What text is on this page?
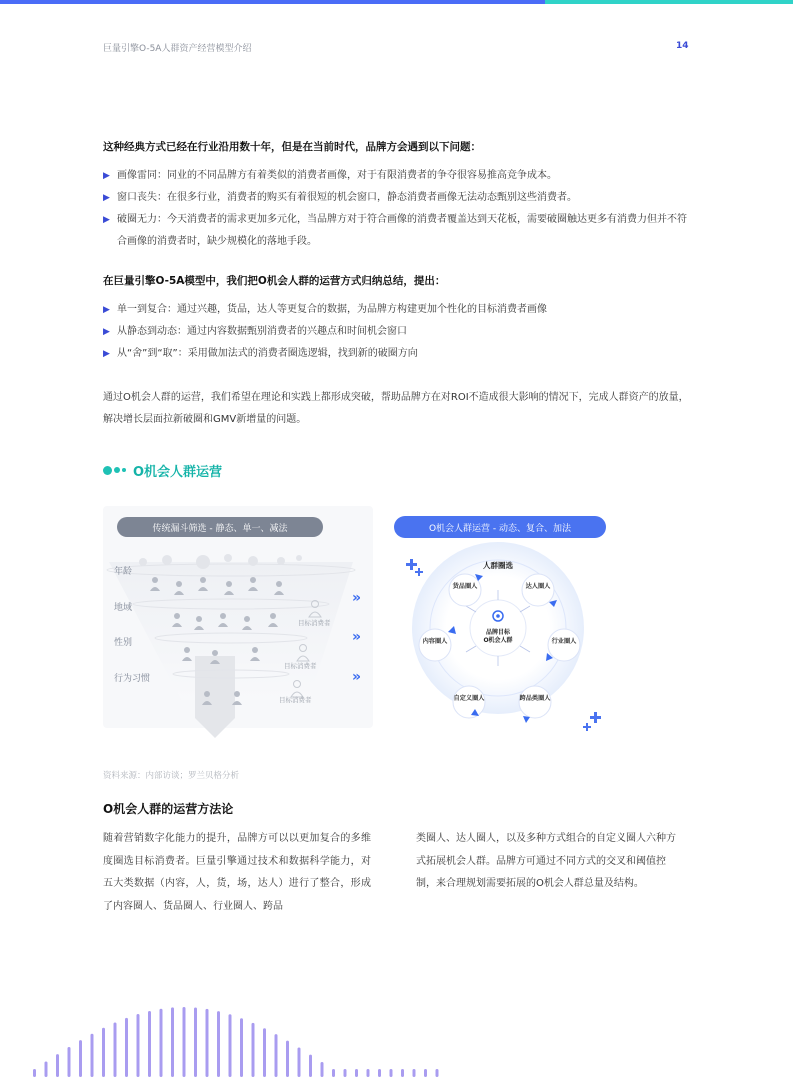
巨量引擎O-5A人群资产经营模型介绍	14
这种经典方式已经在行业沿用数十年，但是在当前时代，品牌方会遇到以下问题：
▶ 画像雷同：同业的不同品牌方有着类似的消费者画像，对于有限消费者的争夺很容易推高竞争成本。
▶ 窗口丧失：在很多行业，消费者的购买有着很短的机会窗口，静态消费者画像无法动态甄别这些消费者。
▶ 破圈无力：今天消费者的需求更加多元化，当品牌方对于符合画像的消费者覆盖达到天花板，需要破圈触达更多有消费力但并不符合画像的消费者时，缺少规模化的落地手段。
在巨量引擎O-5A模型中，我们把O机会人群的运营方式归纳总结，提出：
▶ 单一到复合：通过兴趣，货品，达人等更复合的数据，为品牌方构建更加个性化的目标消费者画像
▶ 从静态到动态：通过内容数据甄别消费者的兴趣点和时间机会窗口
▶ 从“舍”到“取”：采用做加法式的消费者圈选逻辑，找到新的破圈方向

通过O机会人群的运营，我们希望在理论和实践上都形成突破，帮助品牌方在对ROI不造成很大影响的情况下，完成人群资产的放量，解决增长层面拉新破圈和GMV新增量的问题。

O机会人群运营
传统漏斗筛选 - 静态、单一、减法
年龄
地域
性别
行为习惯
目标消费者
目标消费者
目标消费者
»
»
»
O机会人群运营 - 动态、复合、加法
品牌目标
O机会人群
人群圈选
货品圈人	达人圈人
内容圈人	行业圈人
自定义圈人	跨品类圈人
资料来源：内部访谈；罗兰贝格分析
O机会人群的运营方法论

随着营销数字化能力的提升，品牌方可以以更加复合的多维度圈选目标消费者。巨量引擎通过技术和数据科学能力，对五大类数据（内容，人，货，场，达人）进行了整合，形成了内容圈人、货品圈人、行业圈人、跨品

类圈人、达人圈人，以及多种方式组合的自定义圈人六种方式拓展机会人群。品牌方可通过不同方式的交叉和阈值控制，来合理规划需要拓展的O机会人群总量及结构。
